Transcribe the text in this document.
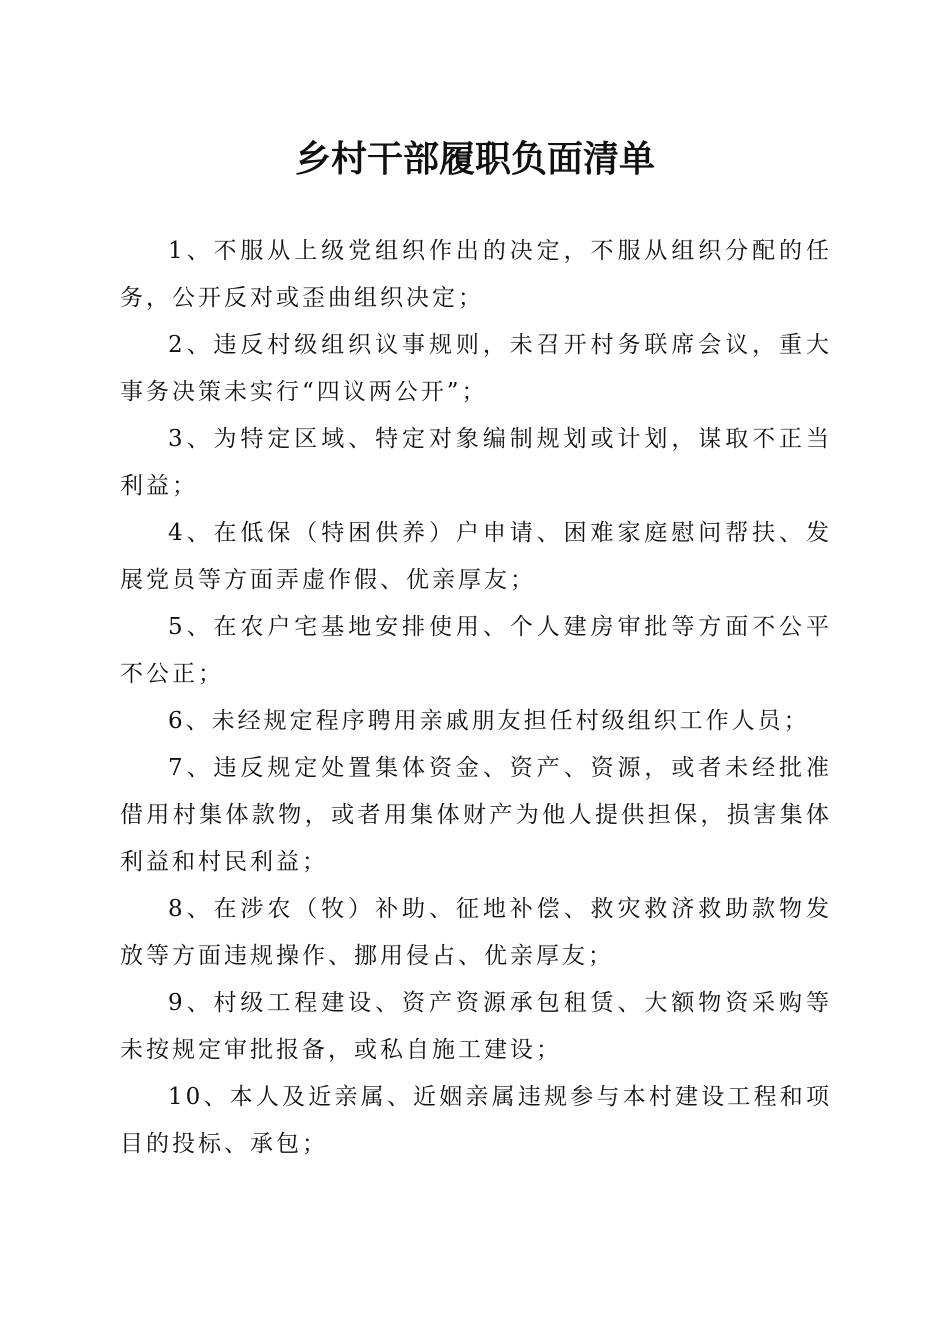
乡村干部履职负面清单

1、不服从上级党组织作出的决定，不服从组织分配的任务，公开反对或歪曲组织决定；

2、违反村级组织议事规则，未召开村务联席会议，重大事务决策未实行“四议两公开”；

3、为特定区域、特定对象编制规划或计划，谋取不正当利益；

4、在低保（特困供养）户申请、困难家庭慰问帮扶、发展党员等方面弄虚作假、优亲厚友；

5、在农户宅基地安排使用、个人建房审批等方面不公平不公正；

6、未经规定程序聘用亲戚朋友担任村级组织工作人员；

7、违反规定处置集体资金、资产、资源，或者未经批准借用村集体款物，或者用集体财产为他人提供担保，损害集体利益和村民利益；

8、在涉农（牧）补助、征地补偿、救灾救济救助款物发放等方面违规操作、挪用侵占、优亲厚友；

9、村级工程建设、资产资源承包租赁、大额物资采购等未按规定审批报备，或私自施工建设；

10、本人及近亲属、近姻亲属违规参与本村建设工程和项目的投标、承包；
